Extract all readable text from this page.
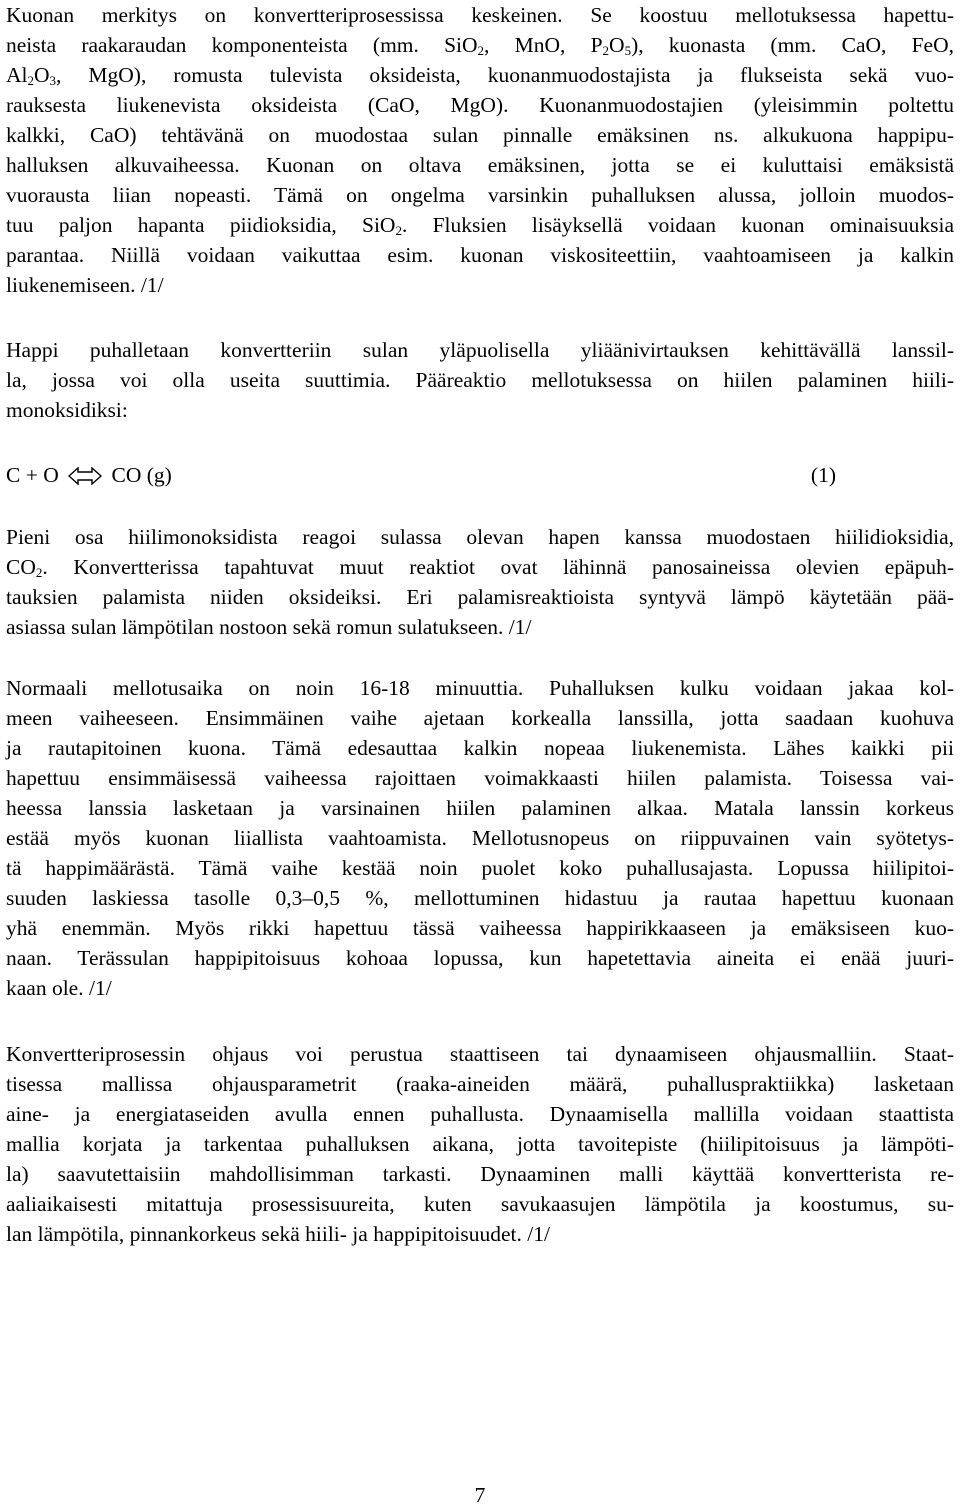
Kuonan merkitys on konvertteriprosessissa keskeinen. Se koostuu mellotuksessa hapettu-
neista raakaraudan komponenteista (mm. SiO$_2$, MnO, $P_2O_5$), kuonasta (mm. CaO, FeO,
$Al_2O_3$, MgO), romusta tulevista oksideista, kuonanmuodostajista ja flukseista sekä vuo-
rauksesta liukenevista oksideista (CaO, MgO). Kuonanmuodostajien (yleisimmin poltettu
kalkki, CaO) tehtävänä on muodostaa sulan pinnalle emäksinen ns. alkukuona happipu-
halluksen alkuvaiheessa. Kuonan on oltava emäksinen, jotta se ei kuluttaisi emäksistä
vuorausta liian nopeasti. Tämä on ongelma varsinkin puhalluksen alussa, jolloin muodos-
tuu paljon hapanta piidioksidia, SiO$_2$. Fluksien lisäyksellä voidaan kuonan ominaisuuksia
parantaa. Niillä voidaan vaikuttaa esim. kuonan viskositeettiin, vaahtoamiseen ja kalkin
liukenemiseen. /1/
Happi puhalletaan konvertteriin sulan yläpuolisella yliäänivirtauksen kehittävällä lanssil-
la, jossa voi olla useita suuttimia. Pääreaktio mellotuksessa on hiilen palaminen hiili-
monoksidiksi:
C + O CO (g)	(1)
Pieni osa hiilimonoksidista reagoi sulassa olevan hapen kanssa muodostaen hiilidioksidia,
$CO_2$. Konvertterissa tapahtuvat muut reaktiot ovat lähinnä panosaineissa olevien epäpuh-
tauksien palamista niiden oksideiksi. Eri palamisreaktioista syntyvä lämpö käytetään pää-
asiassa sulan lämpötilan nostoon sekä romun sulatukseen. /1/
Normaali mellotusaika on noin 16-18 minuuttia. Puhalluksen kulku voidaan jakaa kol-
meen vaiheeseen. Ensimmäinen vaihe ajetaan korkealla lanssilla, jotta saadaan kuohuva
ja rautapitoinen kuona. Tämä edesauttaa kalkin nopeaa liukenemista. Lähes kaikki pii
hapettuu ensimmäisessä vaiheessa rajoittaen voimakkaasti hiilen palamista. Toisessa vai-
heessa lanssia lasketaan ja varsinainen hiilen palaminen alkaa. Matala lanssin korkeus
estää myös kuonan liiallista vaahtoamista. Mellotusnopeus on riippuvainen vain syötetys-
tä happimäärästä. Tämä vaihe kestää noin puolet koko puhallusajasta. Lopussa hiilipitoi-
suuden laskiessa tasolle 0,3–0,5 %, mellottuminen hidastuu ja rautaa hapettuu kuonaan
yhä enemmän. Myös rikki hapettuu tässä vaiheessa happirikkaaseen ja emäksiseen kuo-
naan. Terässulan happipitoisuus kohoaa lopussa, kun hapetettavia aineita ei enää juuri-
kaan ole. /1/
Konvertteriprosessin ohjaus voi perustua staattiseen tai dynaamiseen ohjausmalliin. Staat-
tisessa mallissa ohjausparametrit (raaka-aineiden määrä, puhalluspraktiikka) lasketaan
aine- ja energiataseiden avulla ennen puhallusta. Dynaamisella mallilla voidaan staattista
mallia korjata ja tarkentaa puhalluksen aikana, jotta tavoitepiste (hiilipitoisuus ja lämpöti-
la) saavutettaisiin mahdollisimman tarkasti. Dynaaminen malli käyttää konvertterista re-
aaliaikaisesti mitattuja prosessisuureita, kuten savukaasujen lämpötila ja koostumus, su-
lan lämpötila, pinnankorkeus sekä hiili- ja happipitoisuudet. /1/
7
